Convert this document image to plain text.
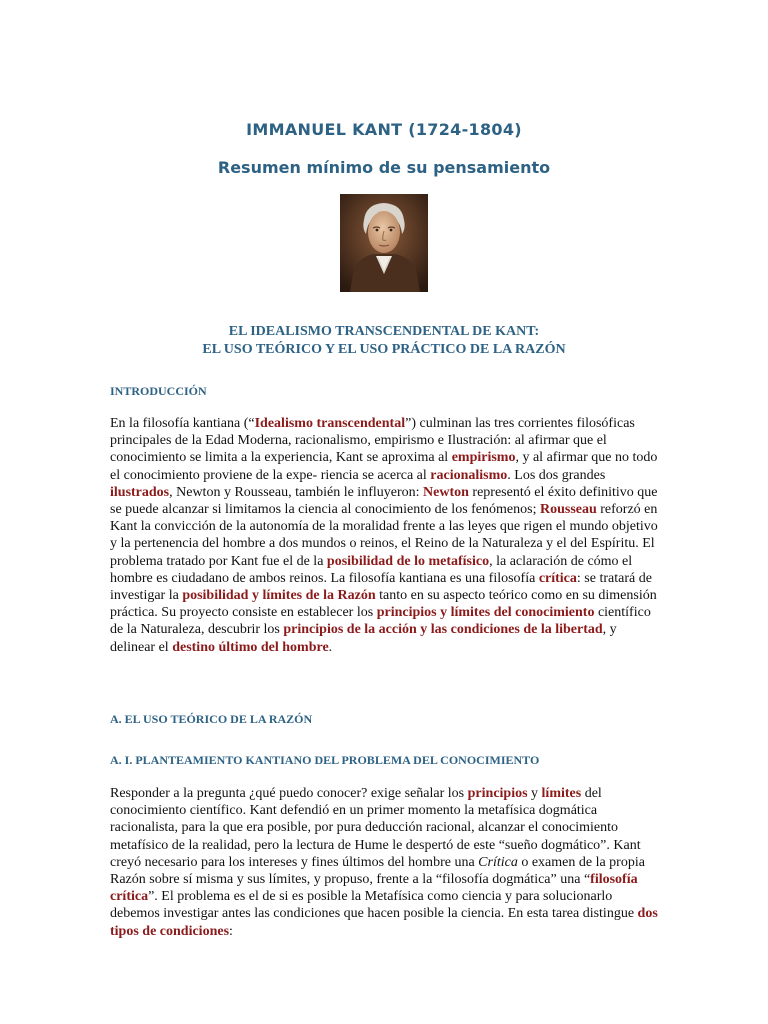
IMMANUEL KANT (1724-1804)
Resumen mínimo de su pensamiento
EL IDEALISMO TRANSCENDENTAL DE KANT:
EL USO TEÓRICO Y EL USO PRÁCTICO DE LA RAZÓN
INTRODUCCIÓN
En la filosofía kantiana (“Idealismo transcendental”) culminan las tres corrientes filosóficas principales de la Edad Moderna, racionalismo, empirismo e Ilustración: al afirmar que el conocimiento se limita a la experiencia, Kant se aproxima al empirismo, y al afirmar que no todo el conocimiento proviene de la expe- riencia se acerca al racionalismo. Los dos grandes ilustrados, Newton y Rousseau, también le influyeron: Newton representó el éxito definitivo que se puede alcanzar si limitamos la ciencia al conocimiento de los fenómenos; Rousseau reforzó en Kant la convicción de la autonomía de la moralidad frente a las leyes que rigen el mundo objetivo y la pertenencia del hombre a dos mundos o reinos, el Reino de la Naturaleza y el del Espíritu. El problema tratado por Kant fue el de la posibilidad de lo metafísico, la aclaración de cómo el hombre es ciudadano de ambos reinos. La filosofía kantiana es una filosofía crítica: se tratará de investigar la posibilidad y límites de la Razón tanto en su aspecto teórico como en su dimensión práctica. Su proyecto consiste en establecer los principios y límites del conocimiento científico de la Naturaleza, descubrir los principios de la acción y las condiciones de la libertad, y delinear el destino último del hombre.
A. EL USO TEÓRICO DE LA RAZÓN
A. I. PLANTEAMIENTO KANTIANO DEL PROBLEMA DEL CONOCIMIENTO
Responder a la pregunta ¿qué puedo conocer? exige señalar los principios y límites del conocimiento científico. Kant defendió en un primer momento la metafísica dogmática racionalista, para la que era posible, por pura deducción racional, alcanzar el conocimiento metafísico de la realidad, pero la lectura de Hume le despertó de este “sueño dogmático”. Kant creyó necesario para los intereses y fines últimos del hombre una Crítica o examen de la propia Razón sobre sí misma y sus límites, y propuso, frente a la “filosofía dogmática” una “filosofía crítica”. El problema es el de si es posible la Metafísica como ciencia y para solucionarlo debemos investigar antes las condiciones que hacen posible la ciencia. En esta tarea distingue dos tipos de condiciones:
